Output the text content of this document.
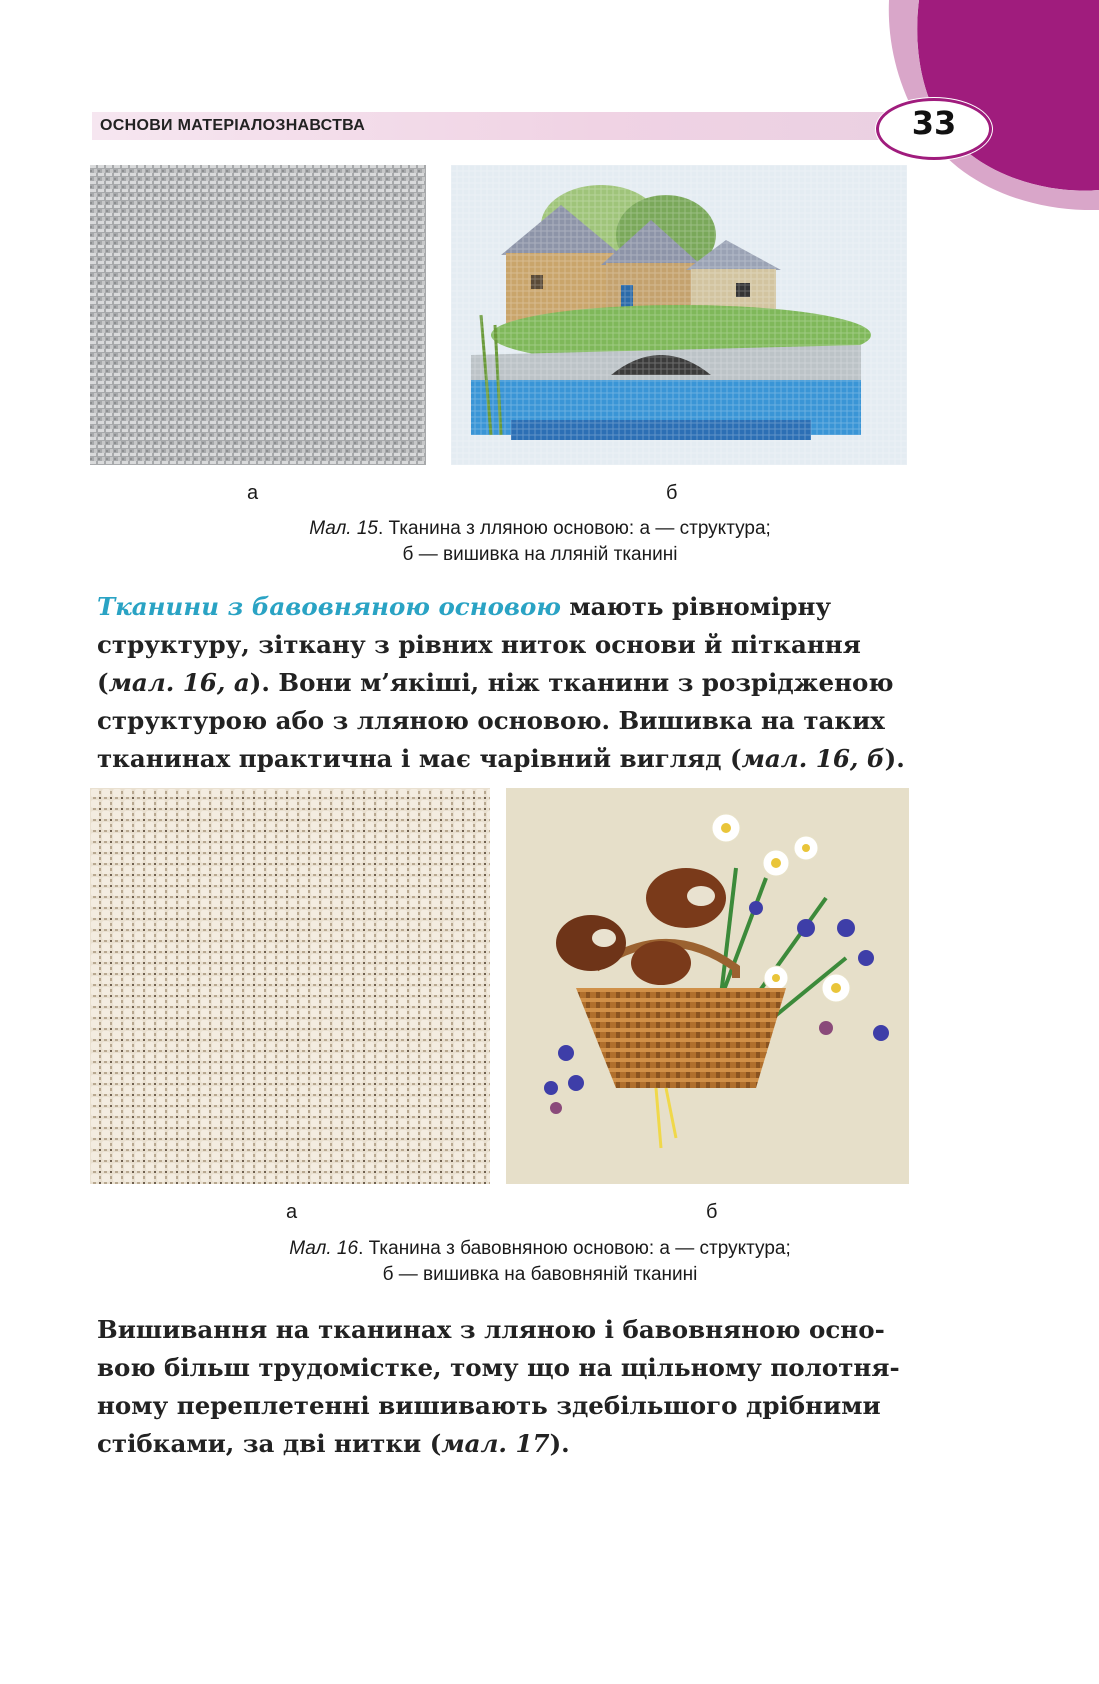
ОСНОВИ МАТЕРІАЛОЗНАВСТВА	33
а	б
Мал. 15. Тканина з лляною основою: а — структура;
б — вишивка на лляній тканині
Тканини з бавовняною основою мають рівномірну
структуру, зіткану з рівних ниток основи й піткання
(мал. 16, а). Вони м’якіші, ніж тканини з розрідженою
структурою або з лляною основою. Вишивка на таких
тканинах практична і має чарівний вигляд (мал. 16, б).
а	б
Мал. 16. Тканина з бавовняною основою: а — структура;
б — вишивка на бавовняній тканині
Вишивання на тканинах з лляною і бавовняною осно-
вою більш трудомістке, тому що на щільному полотня-
ному переплетенні вишивають здебільшого дрібними
стібками, за дві нитки (мал. 17).
